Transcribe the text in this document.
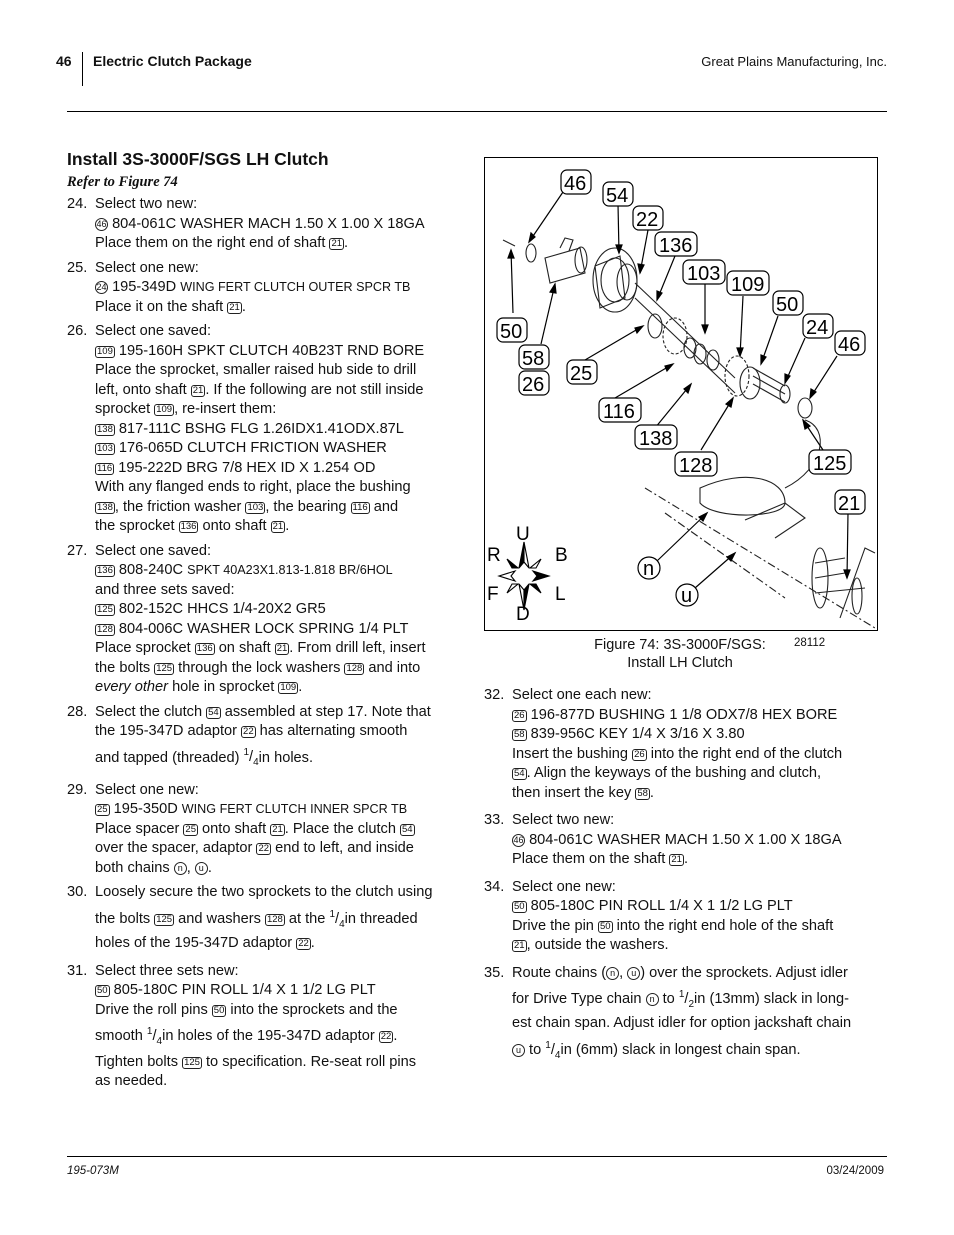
46 Electric Clutch Package	Great Plains Manufacturing, Inc.
Install 3S-3000F/SGS LH Clutch
Refer to Figure 74
24. Select two new:
46 804-061C WASHER MACH 1.50 X 1.00 X 18GA
Place them on the right end of shaft 21 .
25. Select one new:
24 195-349D WING FERT CLUTCH OUTER SPCR TB
Place it on the shaft 21 .
26. Select one saved:
109 195-160H SPKT CLUTCH 40B23T RND BORE
Place the sprocket, smaller raised hub side to drill
left, onto shaft 21 . If the following are not still inside
sprocket 109 , re-insert them:
138 817-111C BSHG FLG 1.26IDX1.41ODX.87L
103 176-065D CLUTCH FRICTION WASHER
116 195-222D BRG 7/8 HEX ID X 1.254 OD
With any flanged ends to right, place the bushing
138 , the friction washer 103 , the bearing 116 and
the sprocket 136 onto shaft 21 .
27. Select one saved:
136 808-240C SPKT 40A23X1.813-1.818 BR/6HOL
and three sets saved:
125 802-152C HHCS 1/4-20X2 GR5
128 804-006C WASHER LOCK SPRING 1/4 PLT
Place sprocket 136 on shaft 21 . From drill left, insert
the bolts 125 through the lock washers 128 and into
every other hole in sprocket 109 .
28. Select the clutch 54 assembled at step 17. Note that
the 195-347D adaptor 22 has alternating smooth
and tapped (threaded) $^1/_4in$ holes.
29. Select one new:
25 195-350D WING FERT CLUTCH INNER SPCR TB
Place spacer 25 onto shaft 21 . Place the clutch 54
over the spacer, adaptor 22 end to left, and inside
both chains n , u .
30. Loosely secure the two sprockets to the clutch using
the bolts 125 and washers 128 at the $^1/_4in$ threaded
holes of the 195-347D adaptor 22 .
31. Select three sets new:
50 805-180C PIN ROLL 1/4 X 1 1/2 LG PLT
Drive the roll pins 50 into the sprockets and the
smooth $^1/_4in$ holes of the 195-347D adaptor 22 .
Tighten bolts 125 to specification. Re-seat roll pins
as needed.
U
D
R	B
F	L
46
54
22
136
103 109
50
24
46
50
58
26 25
116
138
128	125
21
n
u
Figure 74: 3S-3000F/SGS:
Install LH Clutch
28112
32. Select one each new:
26 196-877D BUSHING 1 1/8 ODX7/8 HEX BORE
58 839-956C KEY 1/4 X 3/16 X 3.80
Insert the bushing 26 into the right end of the clutch
54 . Align the keyways of the bushing and clutch,
then insert the key 58 .
33. Select two new:
46 804-061C WASHER MACH 1.50 X 1.00 X 18GA
Place them on the shaft 21 .
34. Select one new:
50 805-180C PIN ROLL 1/4 X 1 1/2 LG PLT
Drive the pin 50 into the right end hole of the shaft
21 , outside the washers.
35. Route chains ( n , u ) over the sprockets. Adjust idler
for Drive Type chain n to $^1/_2in$ (13mm) slack in long-
est chain span. Adjust idler for option jackshaft chain
u to $^1/_4in$ (6mm) slack in longest chain span.
195-073M	03/24/2009
